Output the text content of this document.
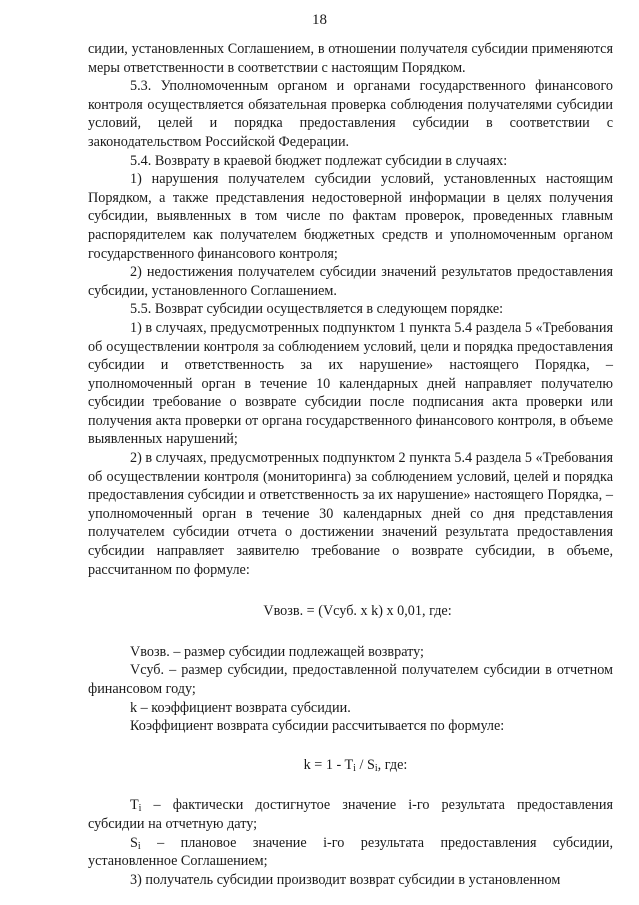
18

сидии, установленных Соглашением, в отношении получателя субсидии применяются меры ответственности в соответствии с настоящим Порядком.

5.3. Уполномоченным органом и органами государственного финансового контроля осуществляется обязательная проверка соблюдения получателями субсидии условий, целей и порядка предоставления субсидии в соответствии с законодательством Российской Федерации.

5.4. Возврату в краевой бюджет подлежат субсидии в случаях:

1) нарушения получателем субсидии условий, установленных настоящим Порядком, а также представления недостоверной информации в целях получения субсидии, выявленных в том числе по фактам проверок, проведенных главным распорядителем как получателем бюджетных средств и уполномоченным органом государственного финансового контроля;

2) недостижения получателем субсидии значений результатов предоставления субсидии, установленного Соглашением.

5.5. Возврат субсидии осуществляется в следующем порядке:

1) в случаях, предусмотренных подпунктом 1 пункта 5.4 раздела 5 «Требования об осуществлении контроля за соблюдением условий, цели и порядка предоставления субсидии и ответственность за их нарушение» настоящего Порядка, – уполномоченный орган в течение 10 календарных дней направляет получателю субсидии требование о возврате субсидии после подписания акта проверки или получения акта проверки от органа государственного финансового контроля, в объеме выявленных нарушений;

2) в случаях, предусмотренных подпунктом 2 пункта 5.4 раздела 5 «Требования об осуществлении контроля (мониторинга) за соблюдением условий, целей и порядка предоставления субсидии и ответственность за их нарушение» настоящего Порядка, – уполномоченный орган в течение 30 календарных дней со дня представления получателем субсидии отчета о достижении значений результата предоставления субсидии направляет заявителю требование о возврате субсидии, в объеме, рассчитанном по формуле:

Vвозв. = (Vсуб. х k) х 0,01, где:

Vвозв. – размер субсидии подлежащей возврату;

Vсуб. – размер субсидии, предоставленной получателем субсидии в отчетном финансовом году;

k – коэффициент возврата субсидии.

Коэффициент возврата субсидии рассчитывается по формуле:

$k = 1 - T_i / S_i$, где:

$T_i$ – фактически достигнутое значение i-го результата предоставления субсидии на отчетную дату;

$S_i$ – плановое значение i-го результата предоставления субсидии, установленное Соглашением;

3) получатель субсидии производит возврат субсидии в установленном
